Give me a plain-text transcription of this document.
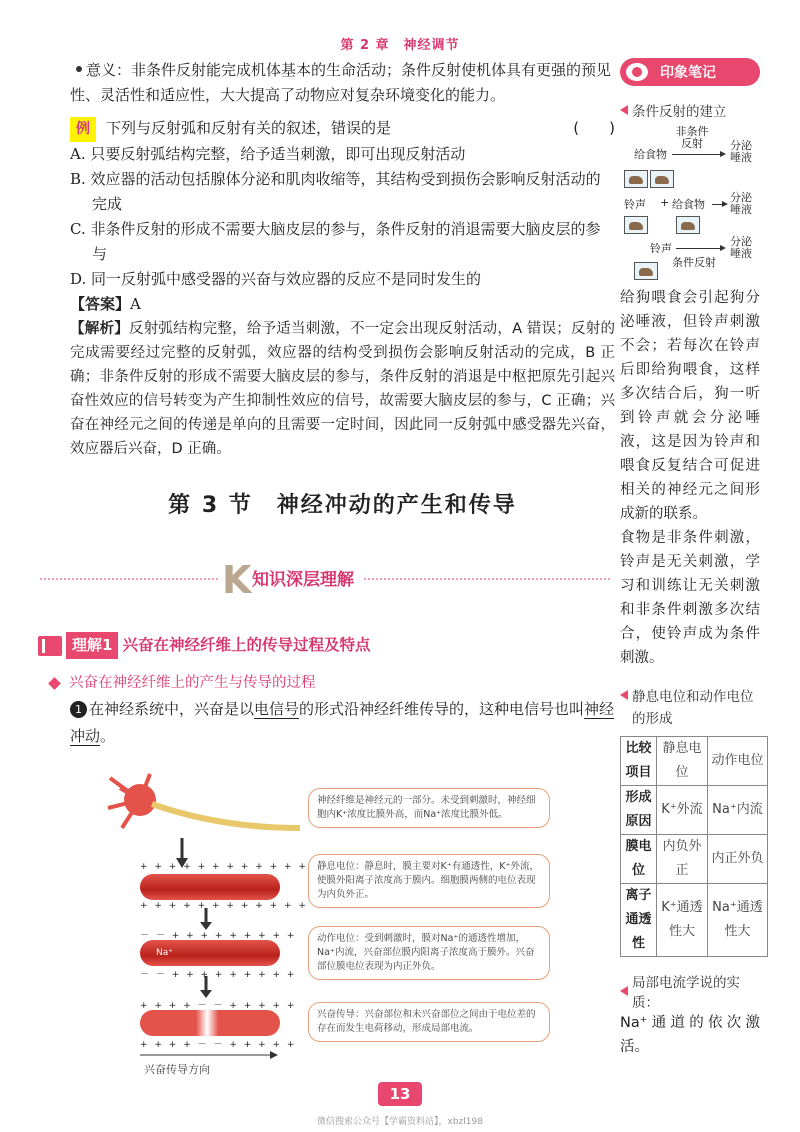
第 2 章　神经调节

意义：非条件反射能完成机体基本的生命活动；条件反射使机体具有更强的预见性、灵活性和适应性，大大提高了动物应对复杂环境变化的能力。

例 下列与反射弧和反射有关的叙述，错误的是	(　　)

A. 只要反射弧结构完整，给予适当刺激，即可出现反射活动

B. 效应器的活动包括腺体分泌和肌肉收缩等，其结构受到损伤会影响反射活动的完成

C. 非条件反射的形成不需要大脑皮层的参与，条件反射的消退需要大脑皮层的参与

D. 同一反射弧中感受器的兴奋与效应器的反应不是同时发生的

【答案】A

【解析】反射弧结构完整，给予适当刺激，不一定会出现反射活动，A 错误；反射的完成需要经过完整的反射弧，效应器的结构受到损伤会影响反射活动的完成，B 正确；非条件反射的形成不需要大脑皮层的参与，条件反射的消退是中枢把原先引起兴奋性效应的信号转变为产生抑制性效应的信号，故需要大脑皮层的参与，C 正确；兴奋在神经元之间的传递是单向的且需要一定时间，因此同一反射弧中感受器先兴奋，效应器后兴奋，D 正确。

第 3 节　神经冲动的产生和传导
K 知识深层理解
理解1 兴奋在神经纤维上的传导过程及特点
兴奋在神经纤维上的产生与传导的过程

1 在神经系统中，兴奋是以电信号的形式沿神经纤维传导的，这种电信号也叫神经冲动。

+ + + + + + + + + + + +
+ + + + + + + + + + + +
－ － + + + + + + + + +
－ － + + + + + + + + +
Na⁺
+ + + + － － + + + + +
+ + + + － － + + + + +
兴奋传导方向
神经纤维是神经元的一部分。未受到刺激时，神经细胞内K⁺浓度比膜外高，而Na⁺浓度比膜外低。
静息电位：静息时，膜主要对K⁺有通透性，K⁺外流，使膜外阳离子浓度高于膜内。细胞膜两侧的电位表现为内负外正。
动作电位：受到刺激时，膜对Na⁺的通透性增加，Na⁺内流，兴奋部位膜内阳离子浓度高于膜外。兴奋部位膜电位表现为内正外负。
兴奋传导：兴奋部位和未兴奋部位之间由于电位差的存在而发生电荷移动，形成局部电流。
印象笔记
条件反射的建立
非条件反射
给食物
分泌唾液
铃声 + 给食物
分泌唾液
铃声
分泌唾液
条件反射

给狗喂食会引起狗分泌唾液，但铃声刺激不会；若每次在铃声后即给狗喂食，这样多次结合后，狗一听到铃声就会分泌唾液，这是因为铃声和喂食反复结合可促进相关的神经元之间形成新的联系。

食物是非条件刺激，铃声是无关刺激，学习和训练让无关刺激和非条件刺激多次结合，使铃声成为条件刺激。

静息电位和动作电位的形成
比较项目	静息电位	动作电位
形成原因	K⁺外流	Na⁺内流
膜电位	内负外正	内正外负
离子通透性	K⁺通透性大	Na⁺通透性大
局部电流学说的实质：

Na⁺通道的依次激活。

13
微信搜索公众号【学霸资料站】，xbzl198
